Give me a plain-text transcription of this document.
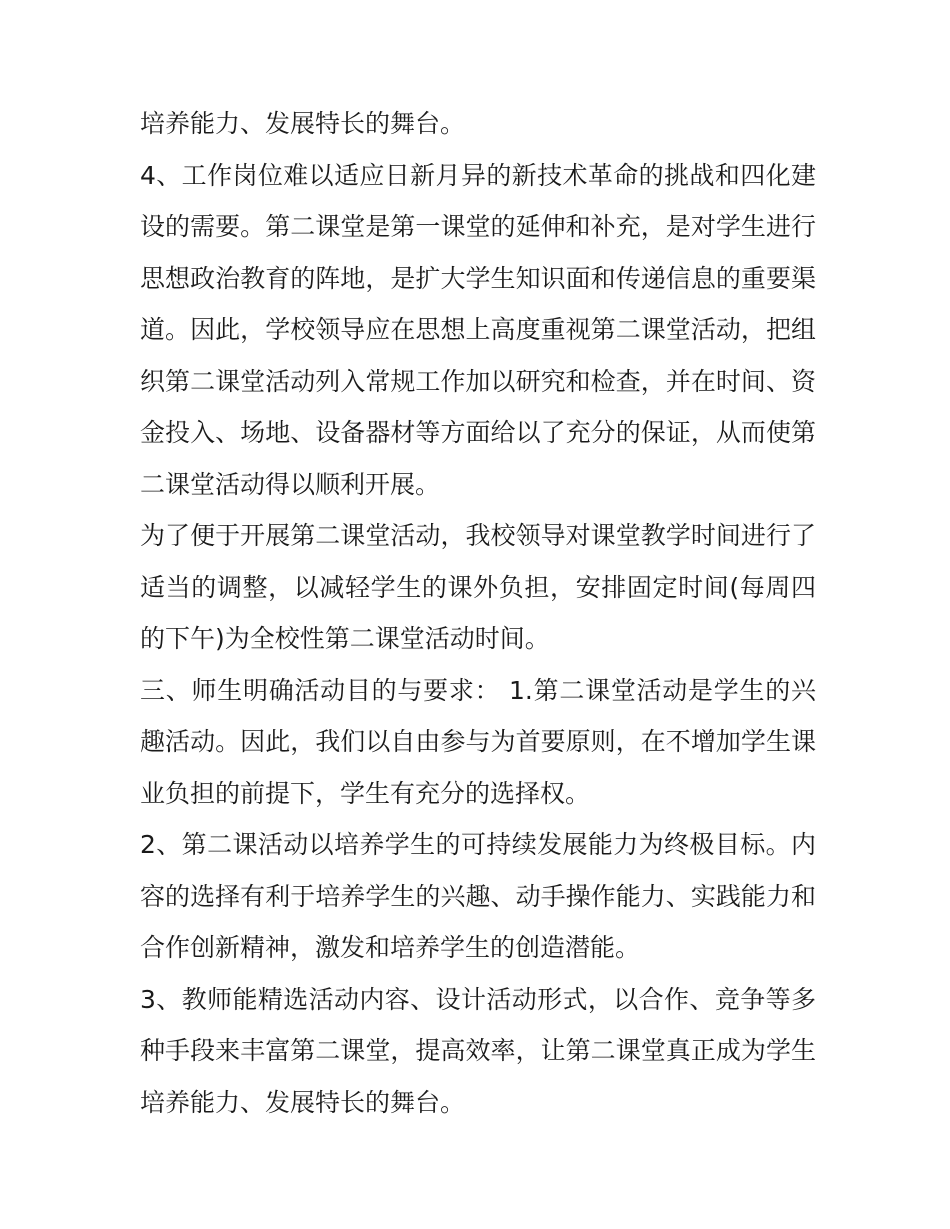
培养能力、发展特长的舞台。

4、工作岗位难以适应日新月异的新技术革命的挑战和四化建设的需要。第二课堂是第一课堂的延伸和补充，是对学生进行思想政治教育的阵地，是扩大学生知识面和传递信息的重要渠道。因此，学校领导应在思想上高度重视第二课堂活动，把组织第二课堂活动列入常规工作加以研究和检查，并在时间、资金投入、场地、设备器材等方面给以了充分的保证，从而使第二课堂活动得以顺利开展。

为了便于开展第二课堂活动，我校领导对课堂教学时间进行了适当的调整，以减轻学生的课外负担，安排固定时间(每周四的下午)为全校性第二课堂活动时间。

三、师生明确活动目的与要求： 1.第二课堂活动是学生的兴趣活动。因此，我们以自由参与为首要原则，在不增加学生课业负担的前提下，学生有充分的选择权。

2、第二课活动以培养学生的可持续发展能力为终极目标。内容的选择有利于培养学生的兴趣、动手操作能力、实践能力和合作创新精神，激发和培养学生的创造潜能。

3、教师能精选活动内容、设计活动形式，以合作、竞争等多种手段来丰富第二课堂，提高效率，让第二课堂真正成为学生培养能力、发展特长的舞台。
